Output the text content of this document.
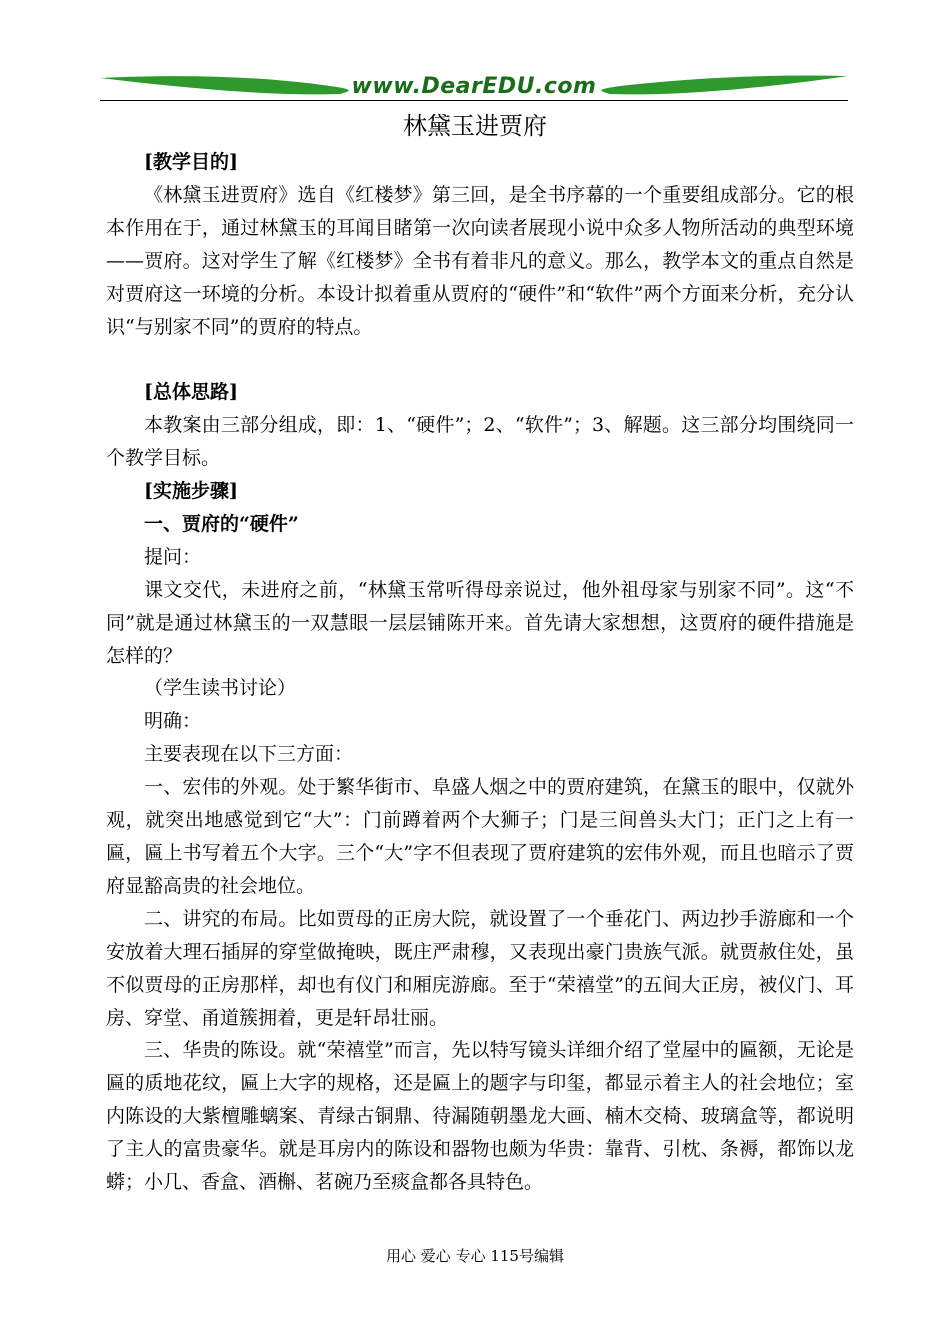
www.DearEDU.com
林黛玉进贾府

[教学目的]

《林黛玉进贾府》选自《红楼梦》第三回，是全书序幕的一个重要组成部分。它的根本作用在于，通过林黛玉的耳闻目睹第一次向读者展现小说中众多人物所活动的典型环境——贾府。这对学生了解《红楼梦》全书有着非凡的意义。那么，教学本文的重点自然是对贾府这一环境的分析。本设计拟着重从贾府的“硬件”和“软件”两个方面来分析，充分认识“与别家不同”的贾府的特点。

[总体思路]

本教案由三部分组成，即：1、“硬件”；2、“软件”；3、解题。这三部分均围绕同一个教学目标。

[实施步骤]

一、贾府的“硬件”

提问：

课文交代，未进府之前，“林黛玉常听得母亲说过，他外祖母家与别家不同”。这“不同”就是通过林黛玉的一双慧眼一层层铺陈开来。首先请大家想想，这贾府的硬件措施是怎样的？

（学生读书讨论）

明确：

主要表现在以下三方面：

一、宏伟的外观。处于繁华街市、阜盛人烟之中的贾府建筑，在黛玉的眼中，仅就外观，就突出地感觉到它“大”：门前蹲着两个大狮子；门是三间兽头大门；正门之上有一匾，匾上书写着五个大字。三个“大”字不但表现了贾府建筑的宏伟外观，而且也暗示了贾府显豁高贵的社会地位。

二、讲究的布局。比如贾母的正房大院，就设置了一个垂花门、两边抄手游廊和一个安放着大理石插屏的穿堂做掩映，既庄严肃穆，又表现出豪门贵族气派。就贾赦住处，虽不似贾母的正房那样，却也有仪门和厢庑游廊。至于“荣禧堂”的五间大正房，被仪门、耳房、穿堂、甬道簇拥着，更是轩昂壮丽。

三、华贵的陈设。就“荣禧堂”而言，先以特写镜头详细介绍了堂屋中的匾额，无论是匾的质地花纹，匾上大字的规格，还是匾上的题字与印玺，都显示着主人的社会地位；室内陈设的大紫檀雕螭案、青绿古铜鼎、待漏随朝墨龙大画、楠木交椅、玻璃盒等，都说明了主人的富贵豪华。就是耳房内的陈设和器物也颇为华贵：靠背、引枕、条褥，都饰以龙蟒；小几、香盒、酒槲、茗碗乃至痰盒都各具特色。

用心 爱心 专心 115号编辑
